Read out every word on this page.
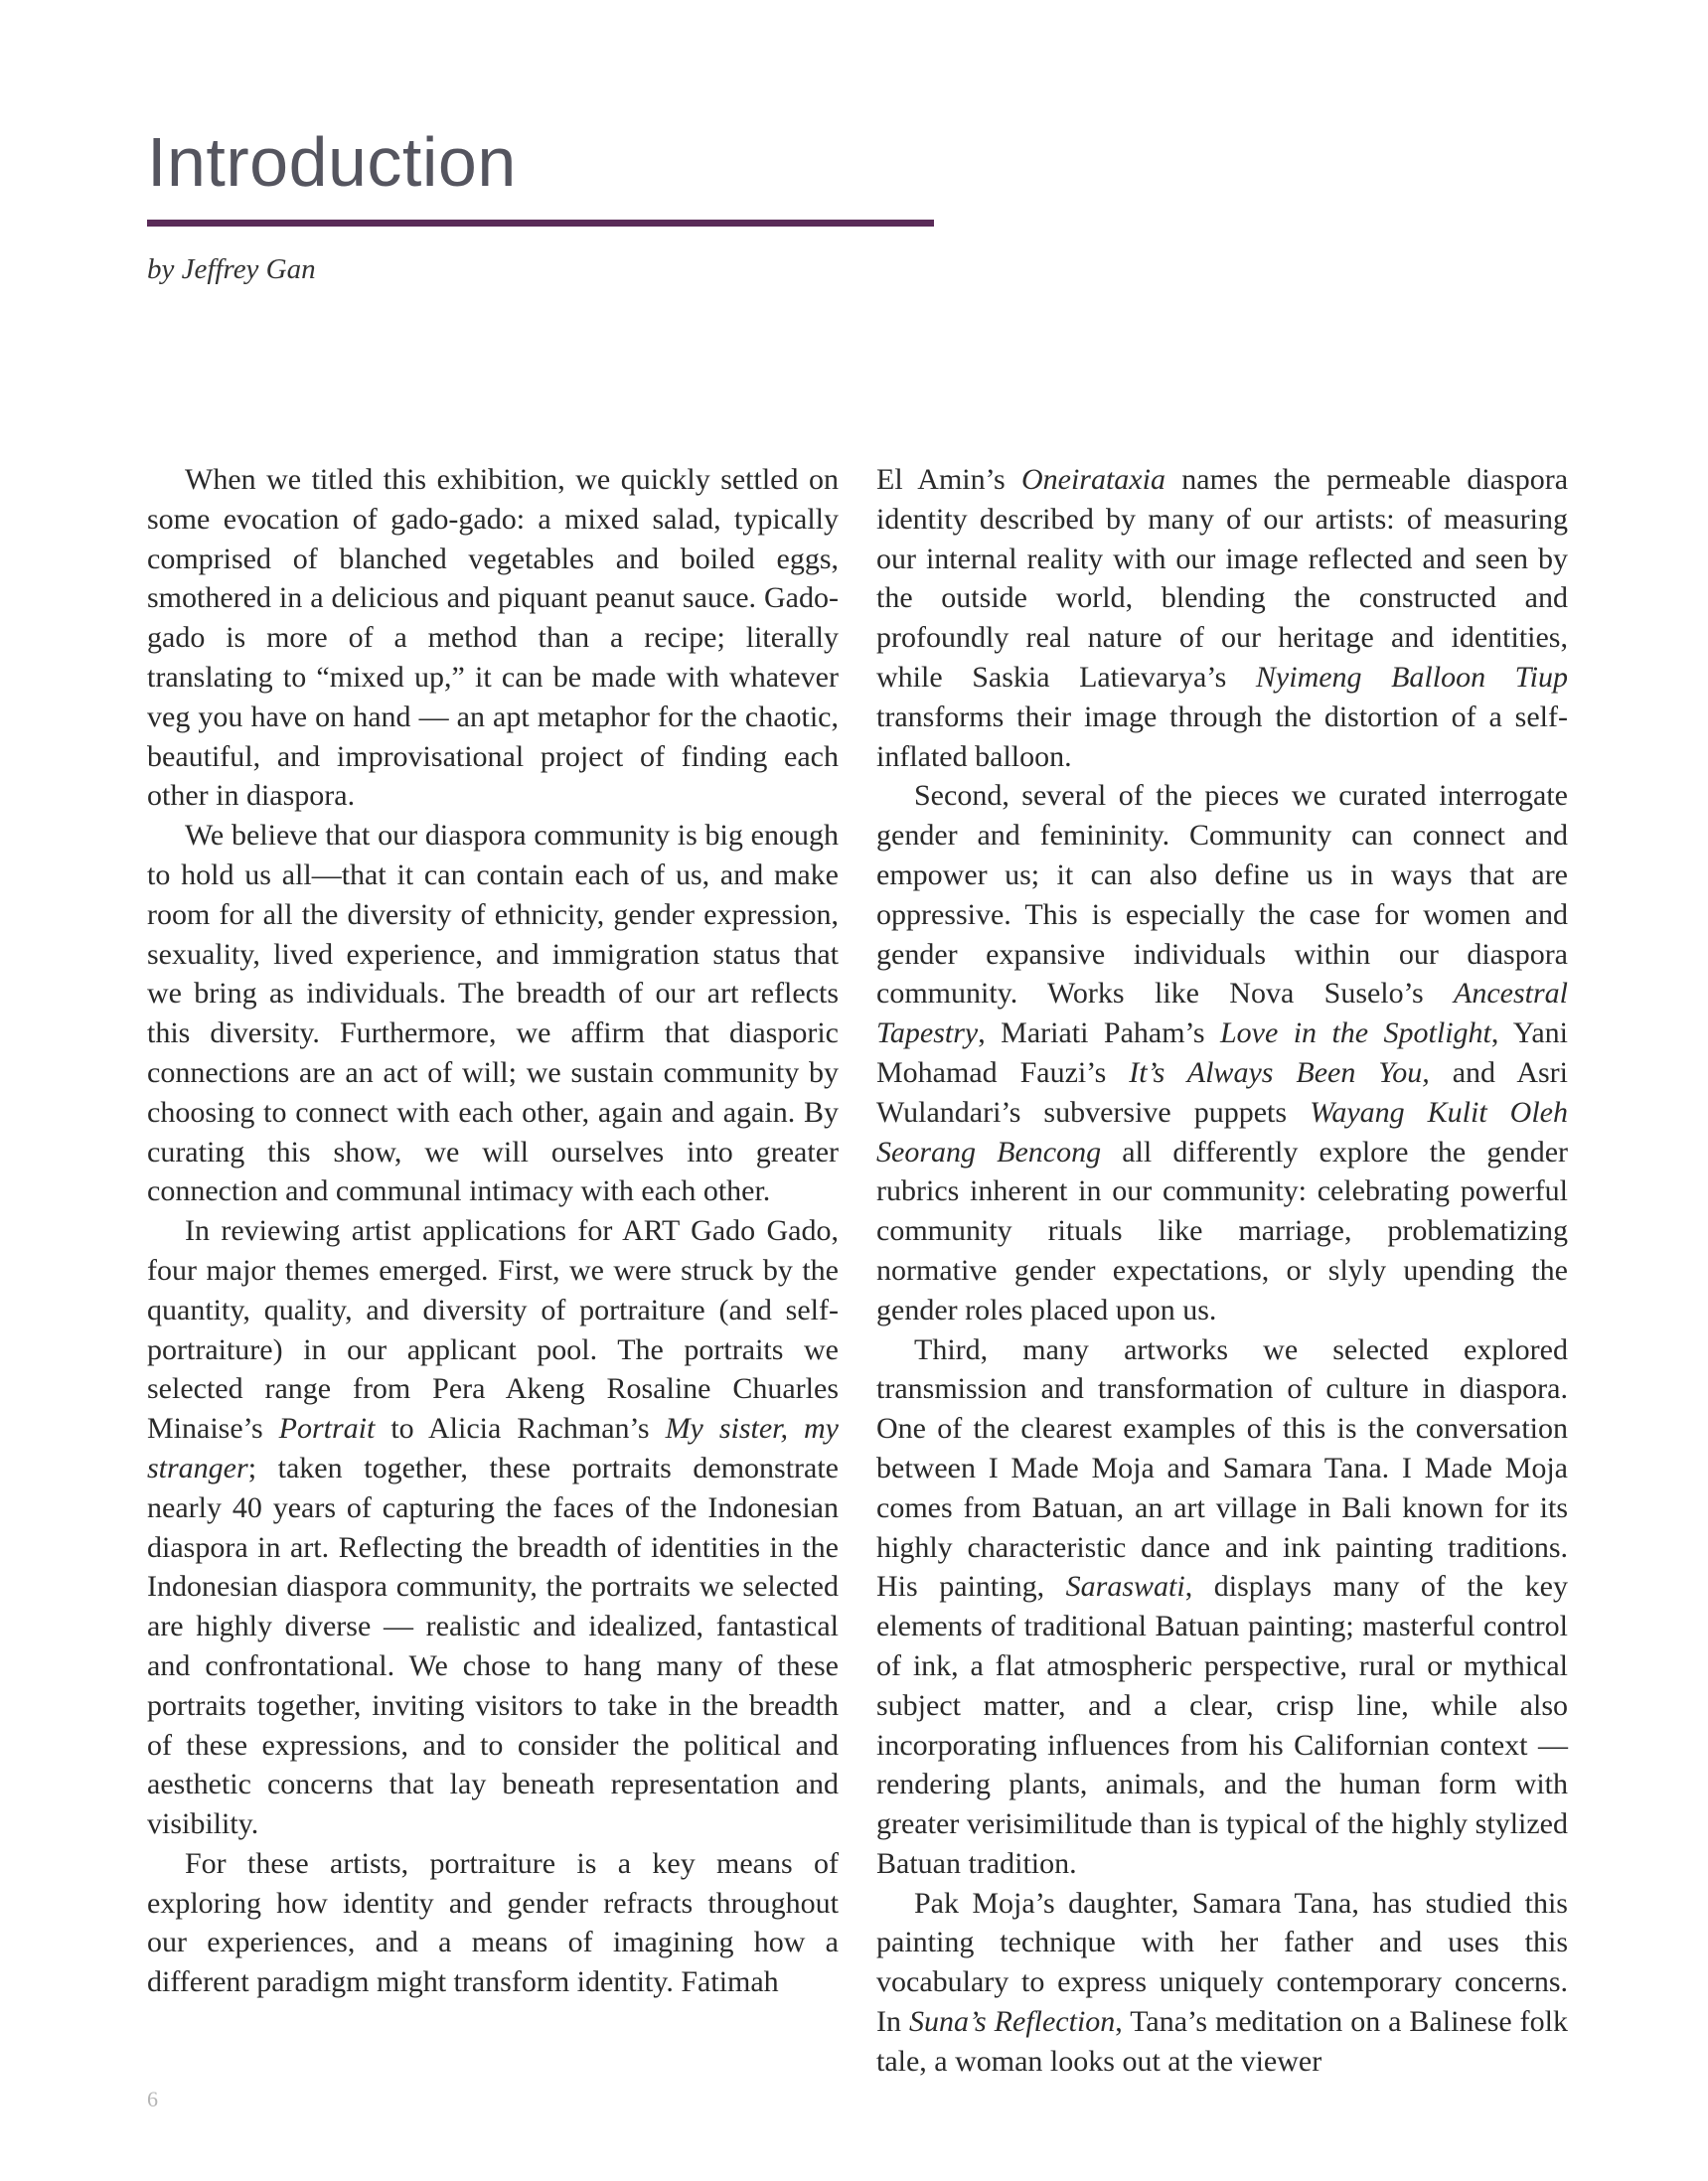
Introduction

by Jeffrey Gan

When we titled this exhibition, we quickly settled on some evocation of gado-gado: a mixed salad, typically comprised of blanched vegetables and boiled eggs, smothered in a delicious and piquant peanut sauce. Gado-gado is more of a method than a recipe; literally translating to “mixed up,” it can be made with whatever veg you have on hand — an apt metaphor for the chaotic, beautiful, and improvisational project of finding each other in diaspora.

We believe that our diaspora community is big enough to hold us all—that it can contain each of us, and make room for all the diversity of ethnicity, gender expression, sexuality, lived experience, and immigration status that we bring as individuals. The breadth of our art reflects this diversity. Furthermore, we affirm that diasporic connections are an act of will; we sustain community by choosing to connect with each other, again and again. By curating this show, we will ourselves into greater connection and communal intimacy with each other.

In reviewing artist applications for ART Gado Gado, four major themes emerged. First, we were struck by the quantity, quality, and diversity of portraiture (and self-portraiture) in our applicant pool. The portraits we selected range from Pera Akeng Rosaline Chuarles Minaise’s Portrait to Alicia Rachman’s My sister, my stranger; taken together, these portraits demonstrate nearly 40 years of capturing the faces of the Indonesian diaspora in art. Reflecting the breadth of identities in the Indonesian diaspora community, the portraits we selected are highly diverse — realistic and idealized, fantastical and confrontational. We chose to hang many of these portraits together, inviting visitors to take in the breadth of these expressions, and to consider the political and aesthetic concerns that lay beneath representation and visibility.

For these artists, portraiture is a key means of exploring how identity and gender refracts throughout our experiences, and a means of imagining how a different paradigm might transform identity. Fatimah

El Amin’s Oneirataxia names the permeable diaspora identity described by many of our artists: of measuring our internal reality with our image reflected and seen by the outside world, blending the constructed and profoundly real nature of our heritage and identities, while Saskia Latievarya’s Nyimeng Balloon Tiup transforms their image through the distortion of a self-inflated balloon.

Second, several of the pieces we curated interrogate gender and femininity. Community can connect and empower us; it can also define us in ways that are oppressive. This is especially the case for women and gender expansive individuals within our diaspora community. Works like Nova Suselo’s Ancestral Tapestry, Mariati Paham’s Love in the Spotlight, Yani Mohamad Fauzi’s It’s Always Been You, and Asri Wulandari’s subversive puppets Wayang Kulit Oleh Seorang Bencong all differently explore the gender rubrics inherent in our community: celebrating powerful community rituals like marriage, problematizing normative gender expectations, or slyly upending the gender roles placed upon us.

Third, many artworks we selected explored transmission and transformation of culture in diaspora. One of the clearest examples of this is the conversation between I Made Moja and Samara Tana. I Made Moja comes from Batuan, an art village in Bali known for its highly characteristic dance and ink painting traditions. His painting, Saraswati, displays many of the key elements of traditional Batuan painting; masterful control of ink, a flat atmospheric perspective, rural or mythical subject matter, and a clear, crisp line, while also incorporating influences from his Californian context — rendering plants, animals, and the human form with greater verisimilitude than is typical of the highly stylized Batuan tradition.

Pak Moja’s daughter, Samara Tana, has studied this painting technique with her father and uses this vocabulary to express uniquely contemporary concerns. In Suna’s Reflection, Tana’s meditation on a Balinese folk tale, a woman looks out at the viewer

6
